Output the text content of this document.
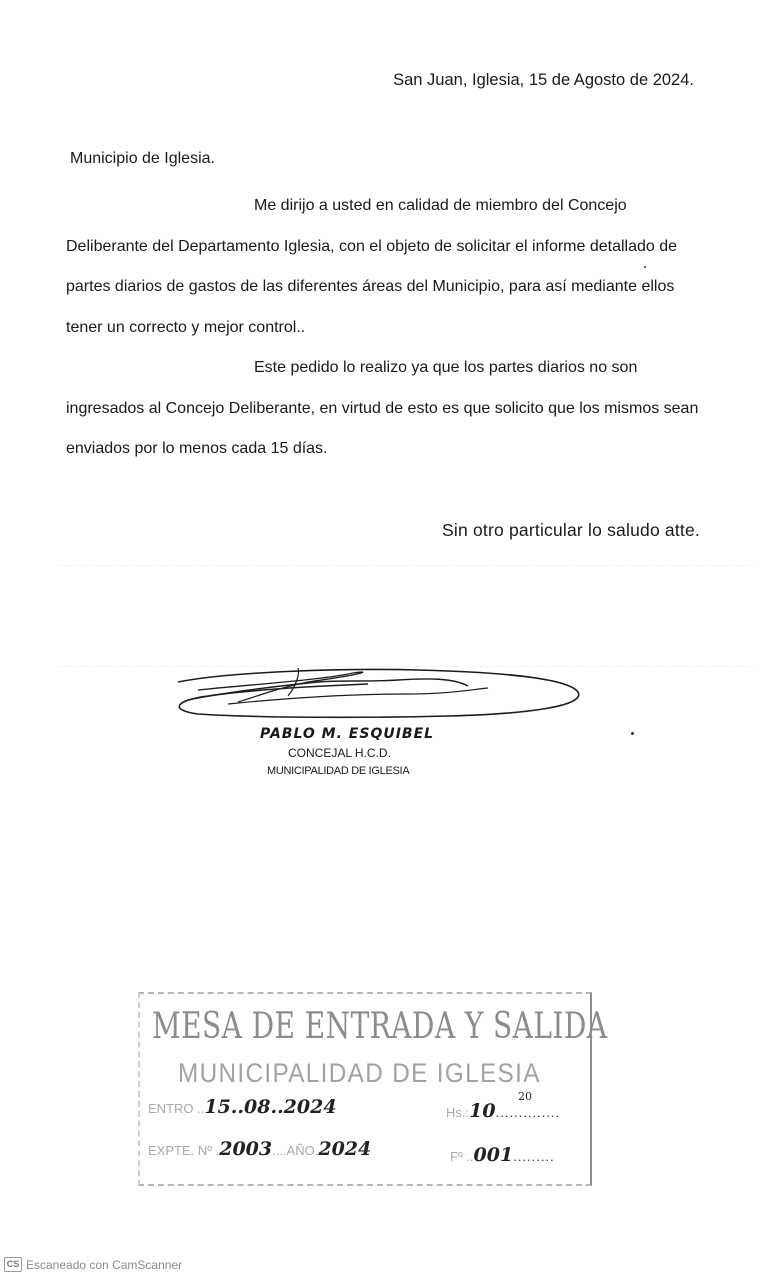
San Juan, Iglesia, 15 de Agosto de 2024.
Municipio de Iglesia.
Me dirijo a usted en calidad de miembro del Concejo Deliberante del Departamento Iglesia, con el objeto de solicitar el informe detallado de partes diarios de gastos de las diferentes áreas del Municipio, para así mediante ellos tener un correcto y mejor control..
Este pedido lo realizo ya que los partes diarios no son ingresados al Concejo Deliberante, en virtud de esto es que solicito que los mismos sean enviados por lo menos cada 15 días.
Sin otro particular lo saludo atte.
PABLO M. ESQUIBEL
CONCEJAL H.C.D.
MUNICIPALIDAD DE IGLESIA
MESA DE ENTRADA Y SALIDA
MUNICIPALIDAD DE IGLESIA
ENTRO ..15..08..2024	Hs.:10..............
20
EXPTE. Nº .2003....AÑO.2024	Fº ..001.........
CS Escaneado con CamScanner
